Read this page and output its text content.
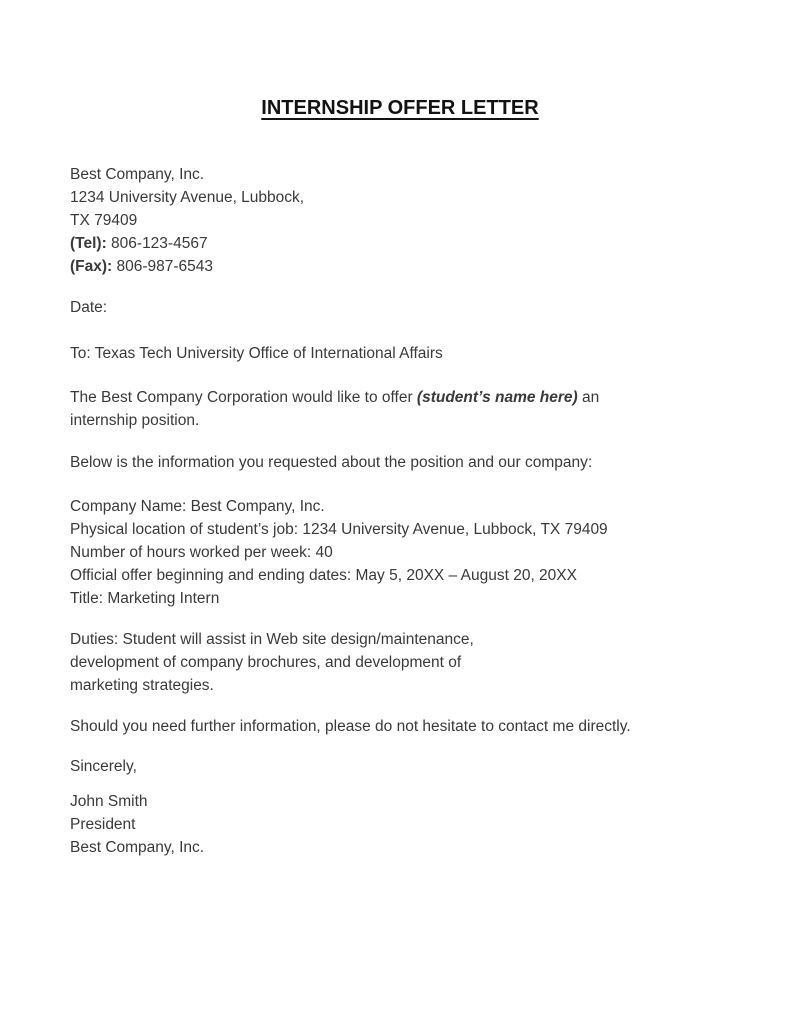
INTERNSHIP OFFER LETTER
Best Company, Inc.
1234 University Avenue, Lubbock,
TX 79409
(Tel): 806-123-4567
(Fax): 806-987-6543

Date:

To: Texas Tech University Office of International Affairs

The Best Company Corporation would like to offer (student’s name here) an
internship position.

Below is the information you requested about the position and our company:

Company Name: Best Company, Inc.
Physical location of student’s job: 1234 University Avenue, Lubbock, TX 79409
Number of hours worked per week: 40
Official offer beginning and ending dates: May 5, 20XX – August 20, 20XX
Title: Marketing Intern
Duties: Student will assist in Web site design/maintenance,
development of company brochures, and development of
marketing strategies.

Should you need further information, please do not hesitate to contact me directly.

Sincerely,

John Smith
President
Best Company, Inc.
